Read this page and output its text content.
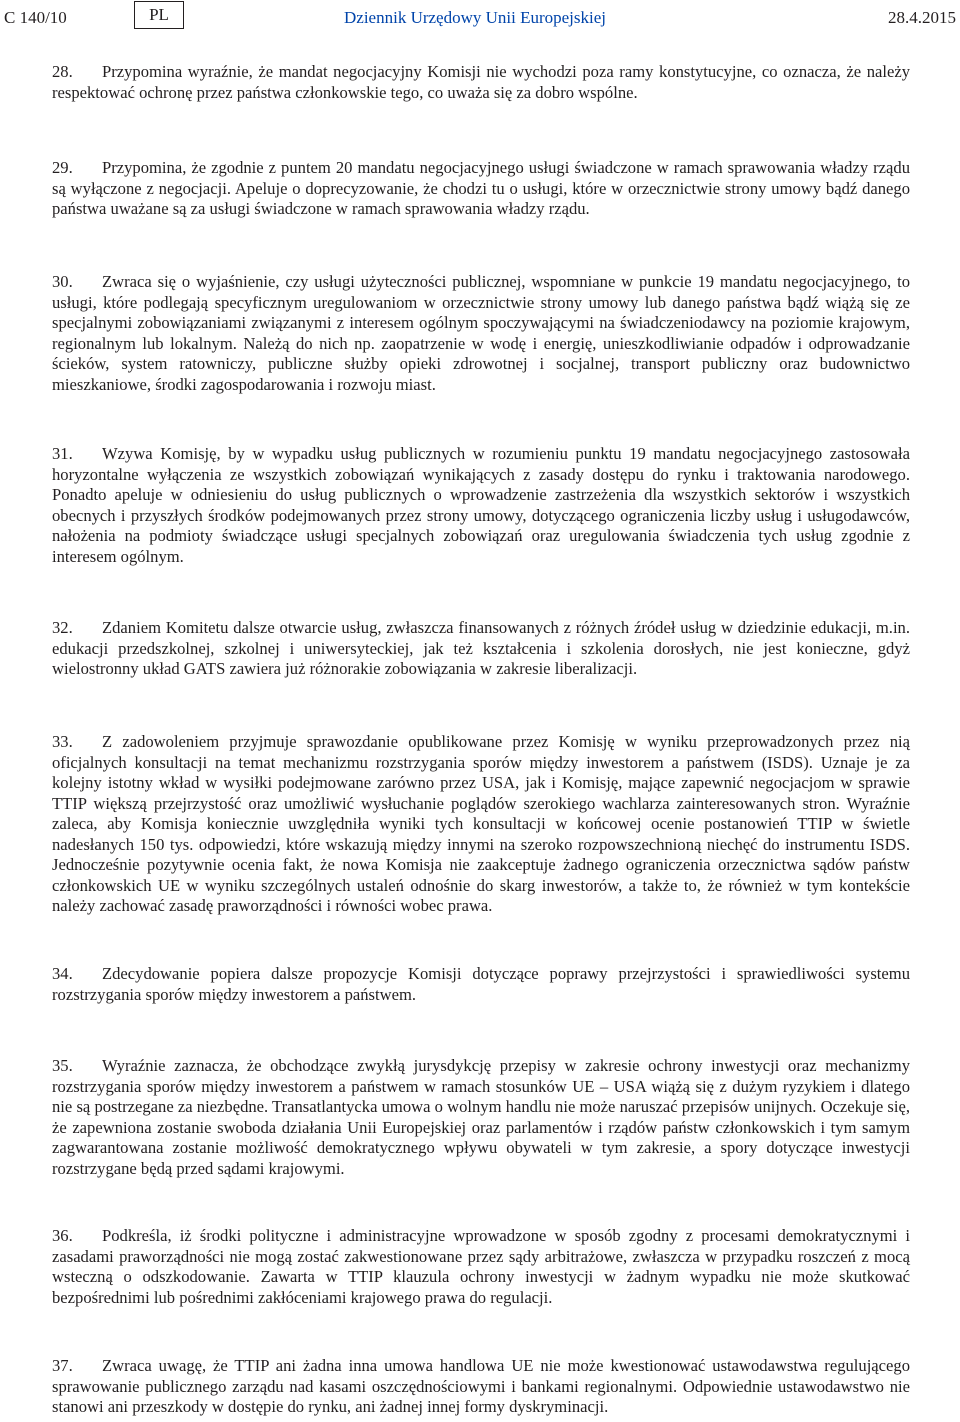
C 140/10	PL	Dziennik Urzędowy Unii Europejskiej	28.4.2015

28. Przypomina wyraźnie, że mandat negocjacyjny Komisji nie wychodzi poza ramy konstytucyjne, co oznacza, że należy respektować ochronę przez państwa członkowskie tego, co uważa się za dobro wspólne.

29. Przypomina, że zgodnie z puntem 20 mandatu negocjacyjnego usługi świadczone w ramach sprawowania władzy rządu są wyłączone z negocjacji. Apeluje o doprecyzowanie, że chodzi tu o usługi, które w orzecznictwie strony umowy bądź danego państwa uważane są za usługi świadczone w ramach sprawowania władzy rządu.

30. Zwraca się o wyjaśnienie, czy usługi użyteczności publicznej, wspomniane w punkcie 19 mandatu negocjacyjnego, to usługi, które podlegają specyficznym uregulowaniom w orzecznictwie strony umowy lub danego państwa bądź wiążą się ze specjalnymi zobowiązaniami związanymi z interesem ogólnym spoczywającymi na świadczeniodawcy na poziomie krajowym, regionalnym lub lokalnym. Należą do nich np. zaopatrzenie w wodę i energię, unieszkodliwianie odpadów i odprowadzanie ścieków, system ratowniczy, publiczne służby opieki zdrowotnej i socjalnej, transport publiczny oraz budownictwo mieszkaniowe, środki zagospodarowania i rozwoju miast.

31. Wzywa Komisję, by w wypadku usług publicznych w rozumieniu punktu 19 mandatu negocjacyjnego zastosowała horyzontalne wyłączenia ze wszystkich zobowiązań wynikających z zasady dostępu do rynku i traktowania narodowego. Ponadto apeluje w odniesieniu do usług publicznych o wprowadzenie zastrzeżenia dla wszystkich sektorów i wszystkich obecnych i przyszłych środków podejmowanych przez strony umowy, dotyczącego ograniczenia liczby usług i usługodawców, nałożenia na podmioty świadczące usługi specjalnych zobowiązań oraz uregulowania świadczenia tych usług zgodnie z interesem ogólnym.

32. Zdaniem Komitetu dalsze otwarcie usług, zwłaszcza finansowanych z różnych źródeł usług w dziedzinie edukacji, m.in. edukacji przedszkolnej, szkolnej i uniwersyteckiej, jak też kształcenia i szkolenia dorosłych, nie jest konieczne, gdyż wielostronny układ GATS zawiera już różnorakie zobowiązania w zakresie liberalizacji.

33. Z zadowoleniem przyjmuje sprawozdanie opublikowane przez Komisję w wyniku przeprowadzonych przez nią oficjalnych konsultacji na temat mechanizmu rozstrzygania sporów między inwestorem a państwem (ISDS). Uznaje je za kolejny istotny wkład w wysiłki podejmowane zarówno przez USA, jak i Komisję, mające zapewnić negocjacjom w sprawie TTIP większą przejrzystość oraz umożliwić wysłuchanie poglądów szerokiego wachlarza zainteresowanych stron. Wyraźnie zaleca, aby Komisja koniecznie uwzględniła wyniki tych konsultacji w końcowej ocenie postanowień TTIP w świetle nadesłanych 150 tys. odpowiedzi, które wskazują między innymi na szeroko rozpowszechnioną niechęć do instrumentu ISDS. Jednocześnie pozytywnie ocenia fakt, że nowa Komisja nie zaakceptuje żadnego ograniczenia orzecznictwa sądów państw członkowskich UE w wyniku szczególnych ustaleń odnośnie do skarg inwestorów, a także to, że również w tym kontekście należy zachować zasadę praworządności i równości wobec prawa.

34. Zdecydowanie popiera dalsze propozycje Komisji dotyczące poprawy przejrzystości i sprawiedliwości systemu rozstrzygania sporów między inwestorem a państwem.

35. Wyraźnie zaznacza, że obchodzące zwykłą jurysdykcję przepisy w zakresie ochrony inwestycji oraz mechanizmy rozstrzygania sporów między inwestorem a państwem w ramach stosunków UE – USA wiążą się z dużym ryzykiem i dlatego nie są postrzegane za niezbędne. Transatlantycka umowa o wolnym handlu nie może naruszać przepisów unijnych. Oczekuje się, że zapewniona zostanie swoboda działania Unii Europejskiej oraz parlamentów i rządów państw członkowskich i tym samym zagwarantowana zostanie możliwość demokratycznego wpływu obywateli w tym zakresie, a spory dotyczące inwestycji rozstrzygane będą przed sądami krajowymi.

36. Podkreśla, iż środki polityczne i administracyjne wprowadzone w sposób zgodny z procesami demokratycznymi i zasadami praworządności nie mogą zostać zakwestionowane przez sądy arbitrażowe, zwłaszcza w przypadku roszczeń z mocą wsteczną o odszkodowanie. Zawarta w TTIP klauzula ochrony inwestycji w żadnym wypadku nie może skutkować bezpośrednimi lub pośrednimi zakłóceniami krajowego prawa do regulacji.

37. Zwraca uwagę, że TTIP ani żadna inna umowa handlowa UE nie może kwestionować ustawodawstwa regulującego sprawowanie publicznego zarządu nad kasami oszczędnościowymi i bankami regionalnymi. Odpowiednie ustawodawstwo nie stanowi ani przeszkody w dostępie do rynku, ani żadnej innej formy dyskryminacji.
